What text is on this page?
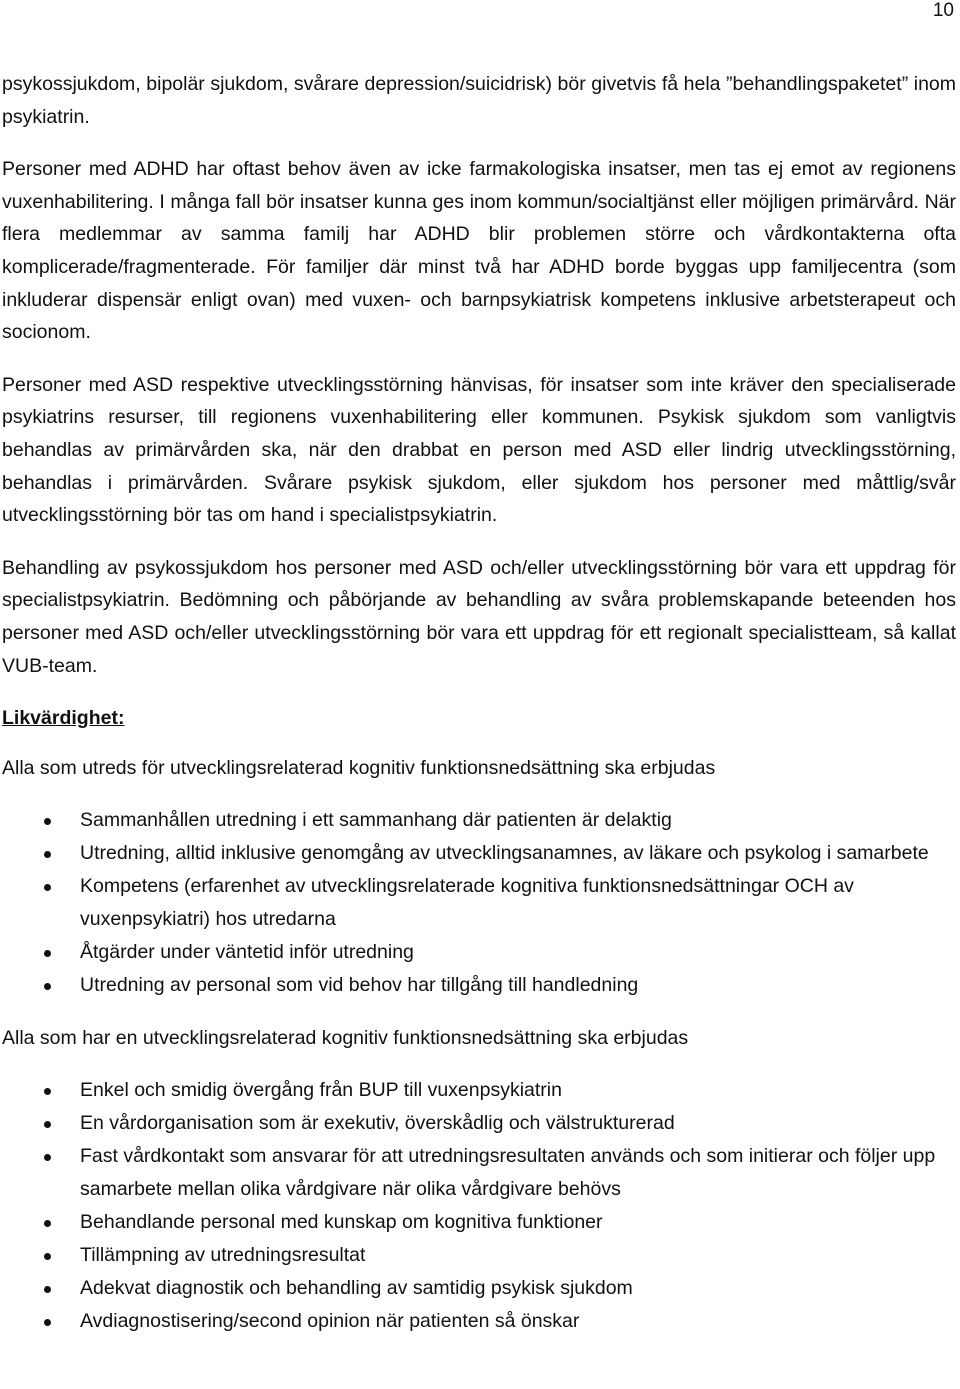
10

psykossjukdom, bipolär sjukdom, svårare depression/suicidrisk) bör givetvis få hela ”behandlingspaketet” inom psykiatrin.

Personer med ADHD har oftast behov även av icke farmakologiska insatser, men tas ej emot av regionens vuxenhabilitering. I många fall bör insatser kunna ges inom kommun/socialtjänst eller möjligen primärvård. När flera medlemmar av samma familj har ADHD blir problemen större och vårdkontakterna ofta komplicerade/fragmenterade. För familjer där minst två har ADHD borde byggas upp familjecentra (som inkluderar dispensär enligt ovan) med vuxen- och barnpsykiatrisk kompetens inklusive arbetsterapeut och socionom.

Personer med ASD respektive utvecklingsstörning hänvisas, för insatser som inte kräver den specialiserade psykiatrins resurser, till regionens vuxenhabilitering eller kommunen. Psykisk sjukdom som vanligtvis behandlas av primärvården ska, när den drabbat en person med ASD eller lindrig utvecklingsstörning, behandlas i primärvården. Svårare psykisk sjukdom, eller sjukdom hos personer med måttlig/svår utvecklingsstörning bör tas om hand i specialistpsykiatrin.

Behandling av psykossjukdom hos personer med ASD och/eller utvecklingsstörning bör vara ett uppdrag för specialistpsykiatrin. Bedömning och påbörjande av behandling av svåra problemskapande beteenden hos personer med ASD och/eller utvecklingsstörning bör vara ett uppdrag för ett regionalt specialistteam, så kallat VUB-team.

Likvärdighet:

Alla som utreds för utvecklingsrelaterad kognitiv funktionsnedsättning ska erbjudas

Sammanhållen utredning i ett sammanhang där patienten är delaktig
Utredning, alltid inklusive genomgång av utvecklingsanamnes, av läkare och psykolog i samarbete
Kompetens (erfarenhet av utvecklingsrelaterade kognitiva funktionsnedsättningar OCH av vuxenpsykiatri) hos utredarna
Åtgärder under väntetid inför utredning
Utredning av personal som vid behov har tillgång till handledning

Alla som har en utvecklingsrelaterad kognitiv funktionsnedsättning ska erbjudas

Enkel och smidig övergång från BUP till vuxenpsykiatrin
En vårdorganisation som är exekutiv, överskådlig och välstrukturerad
Fast vårdkontakt som ansvarar för att utredningsresultaten används och som initierar och följer upp samarbete mellan olika vårdgivare när olika vårdgivare behövs
Behandlande personal med kunskap om kognitiva funktioner
Tillämpning av utredningsresultat
Adekvat diagnostik och behandling av samtidig psykisk sjukdom
Avdiagnostisering/second opinion när patienten så önskar
